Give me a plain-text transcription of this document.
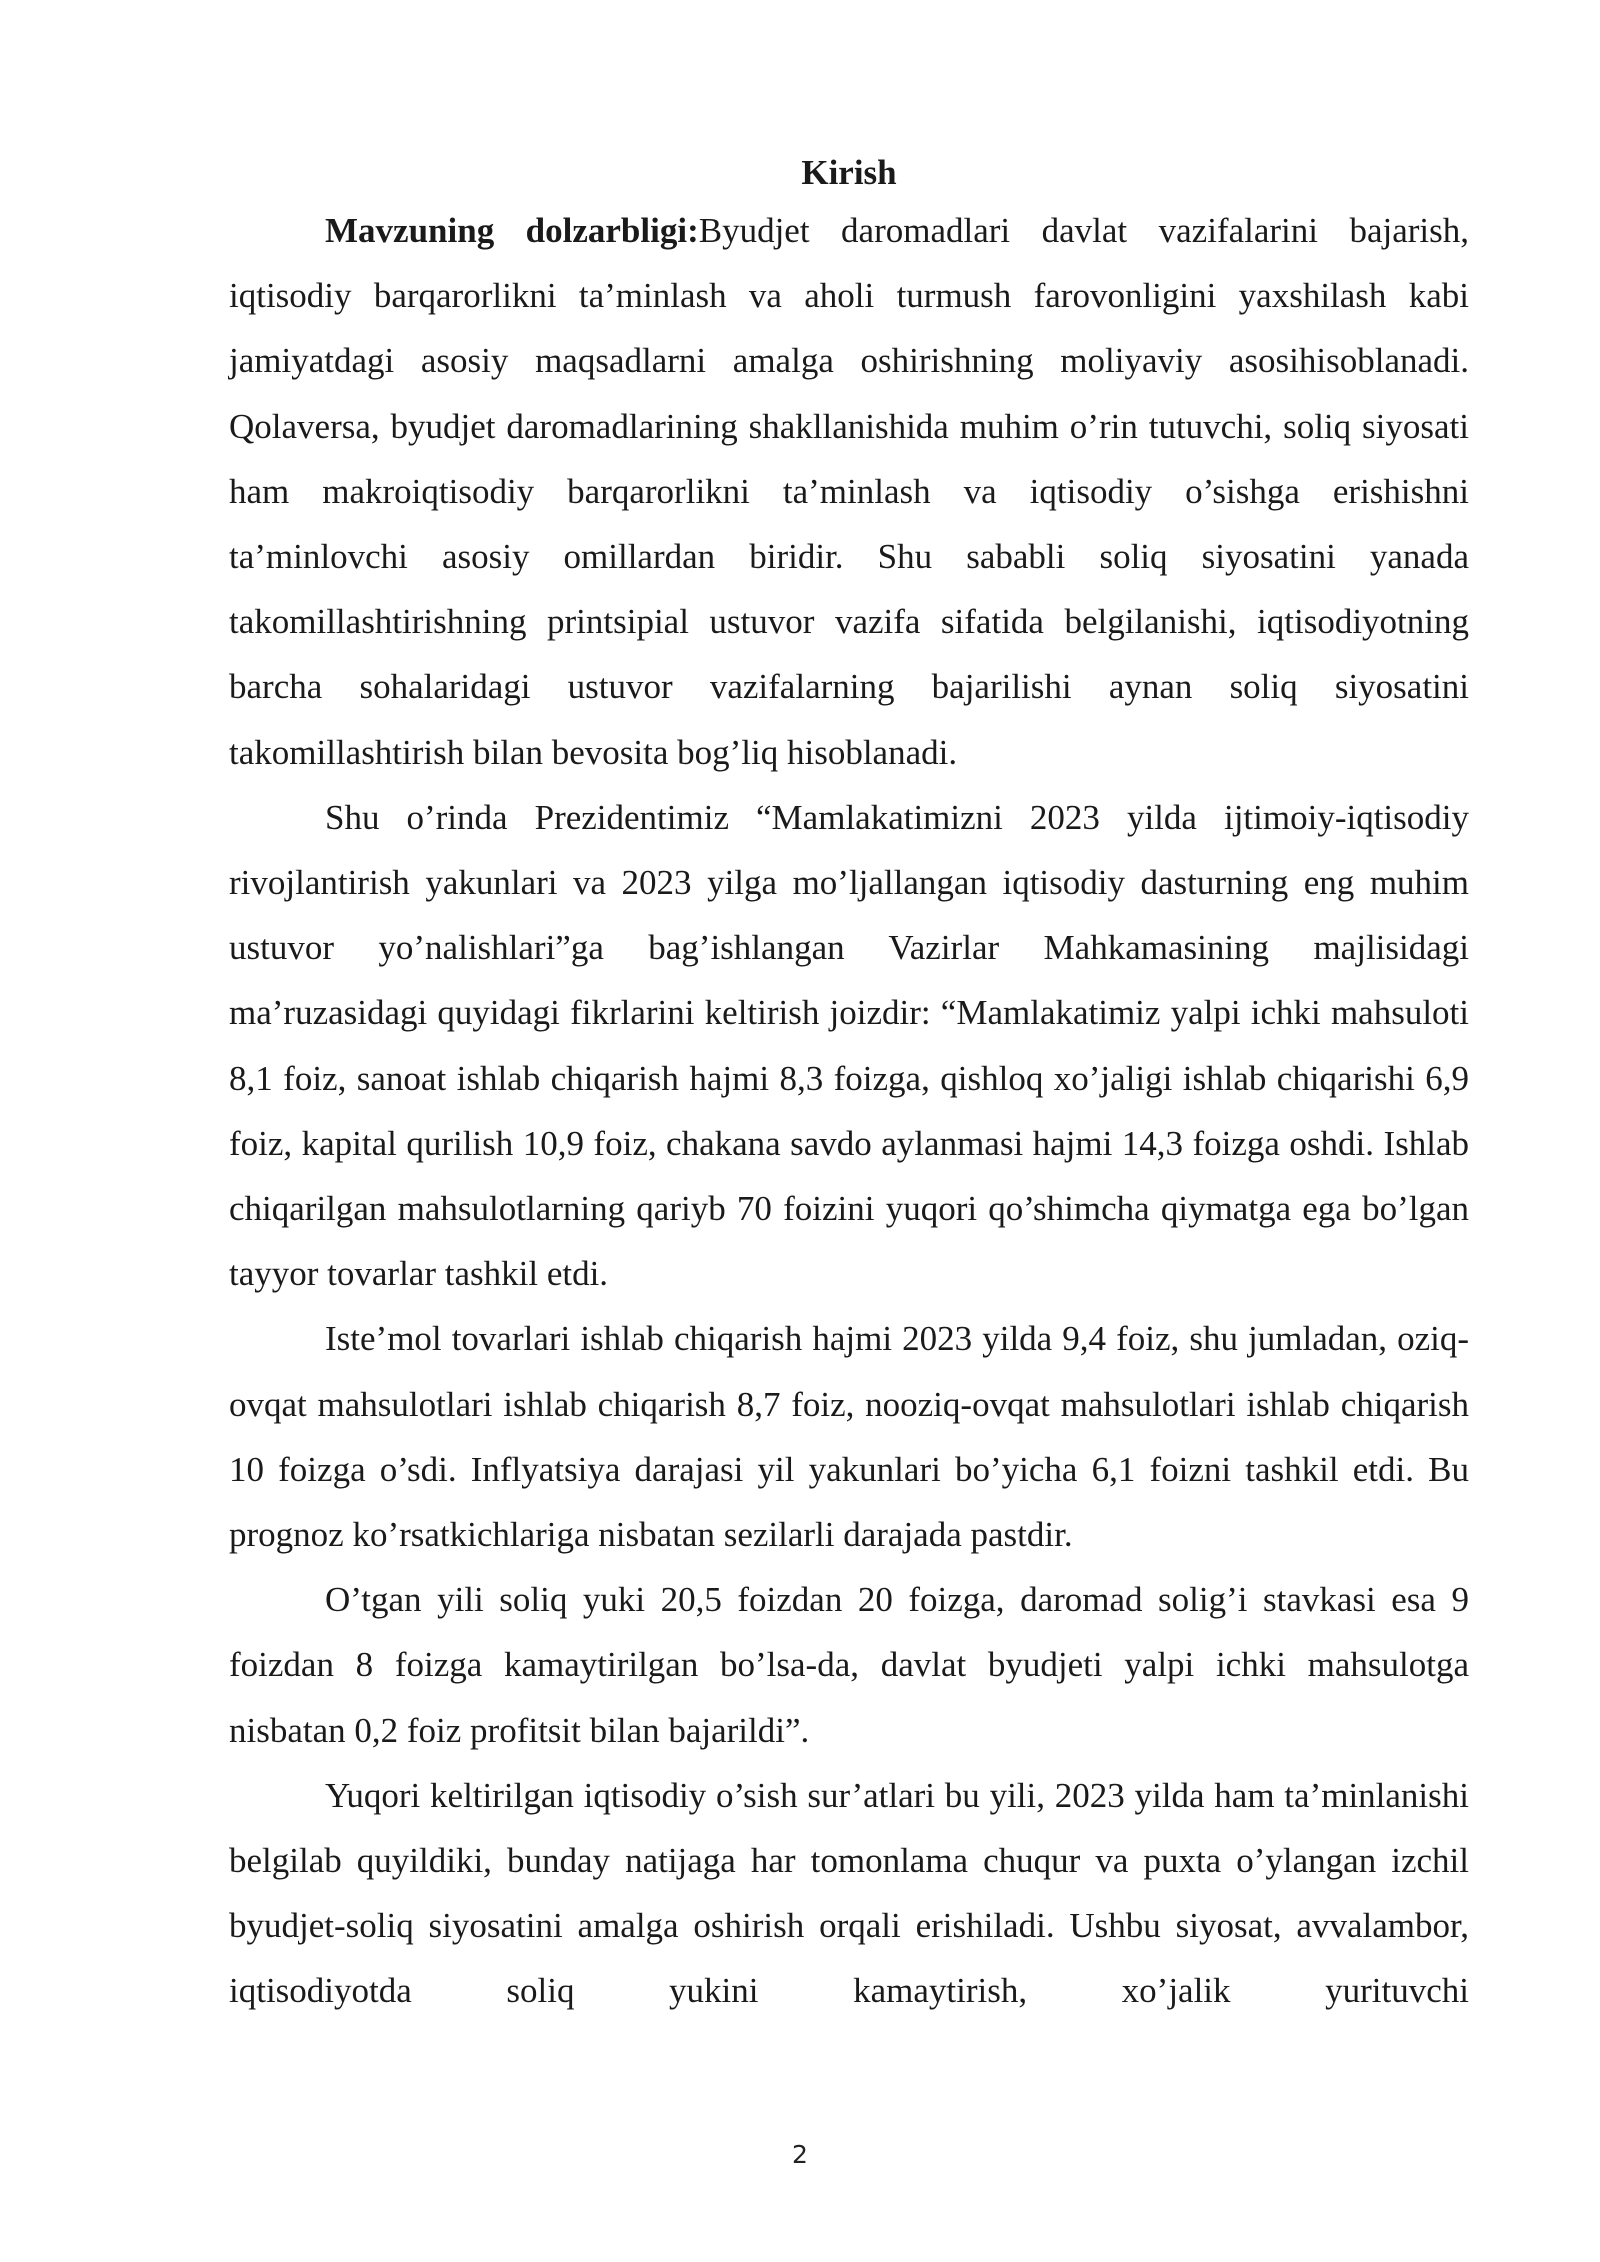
Kirish

Mavzuning dolzarbligi:Byudjet daromadlari davlat vazifalarini bajarish, iqtisodiy barqarorlikni ta’minlash va aholi turmush farovonligini yaxshilash kabi jamiyatdagi asosiy maqsadlarni amalga oshirishning moliyaviy asosihisoblanadi. Qolaversa, byudjet daromadlarining shakllanishida muhim o’rin tutuvchi, soliq siyosati ham makroiqtisodiy barqarorlikni ta’minlash va iqtisodiy o’sishga erishishni ta’minlovchi asosiy omillardan biridir. Shu sababli soliq siyosatini yanada takomillashtirishning printsipial ustuvor vazifa sifatida belgilanishi, iqtisodiyotning barcha sohalaridagi ustuvor vazifalarning bajarilishi aynan soliq siyosatini takomillashtirish bilan bevosita bog’liq hisoblanadi.

Shu o’rinda Prezidentimiz “Mamlakatimizni 2023 yilda ijtimoiy-iqtisodiy rivojlantirish yakunlari va 2023 yilga mo’ljallangan iqtisodiy dasturning eng muhim ustuvor yo’nalishlari”ga bag’ishlangan Vazirlar Mahkamasining majlisidagi ma’ruzasidagi quyidagi fikrlarini keltirish joizdir: “Mamlakatimiz yalpi ichki mahsuloti 8,1 foiz, sanoat ishlab chiqarish hajmi 8,3 foizga, qishloq xo’jaligi ishlab chiqarishi 6,9 foiz, kapital qurilish 10,9 foiz, chakana savdo aylanmasi hajmi 14,3 foizga oshdi. Ishlab chiqarilgan mahsulotlarning qariyb 70 foizini yuqori qo’shimcha qiymatga ega bo’lgan tayyor tovarlar tashkil etdi.

Iste’mol tovarlari ishlab chiqarish hajmi 2023 yilda 9,4 foiz, shu jumladan, oziq-ovqat mahsulotlari ishlab chiqarish 8,7 foiz, nooziq-ovqat mahsulotlari ishlab chiqarish 10 foizga o’sdi. Inflyatsiya darajasi yil yakunlari bo’yicha 6,1 foizni tashkil etdi. Bu prognoz ko’rsatkichlariga nisbatan sezilarli darajada pastdir.

O’tgan yili soliq yuki 20,5 foizdan 20 foizga, daromad solig’i stavkasi esa 9 foizdan 8 foizga kamaytirilgan bo’lsa-da, davlat byudjeti yalpi ichki mahsulotga nisbatan 0,2 foiz profitsit bilan bajarildi”.

Yuqori keltirilgan iqtisodiy o’sish sur’atlari bu yili, 2023 yilda ham ta’minlanishi belgilab quyildiki, bunday natijaga har tomonlama chuqur va puxta o’ylangan izchil byudjet-soliq siyosatini amalga oshirish orqali erishiladi. Ushbu siyosat, avvalambor, iqtisodiyotda soliq yukini kamaytirish, xo’jalik yurituvchi

2
